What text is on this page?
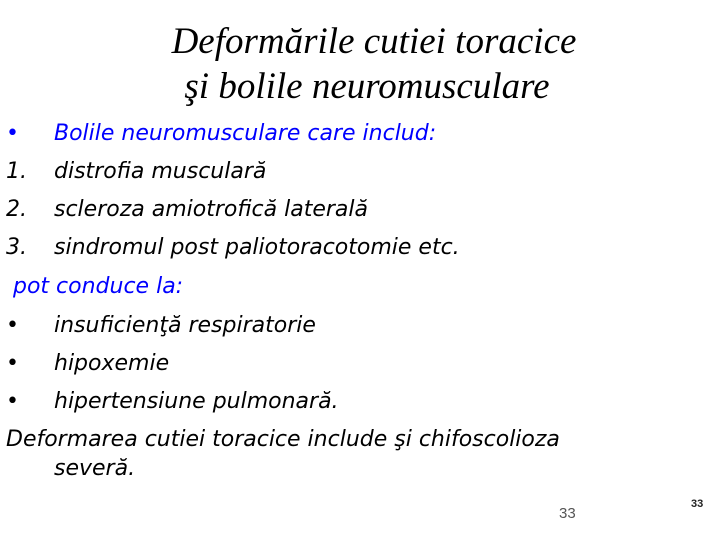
Deformările cutiei toracice
şi bolile neuromusculare
•	Bolile neuromusculare care includ:
1.	distrofia musculară
2.	scleroza amiotrofică laterală
3.	sindromul post paliotoracotomie etc.
pot conduce la:
•	insuficienţă respiratorie
•	hipoxemie
•	hipertensiune pulmonară.
Deformarea cutiei toracice include şi chifoscolioza
severă.
33
33
